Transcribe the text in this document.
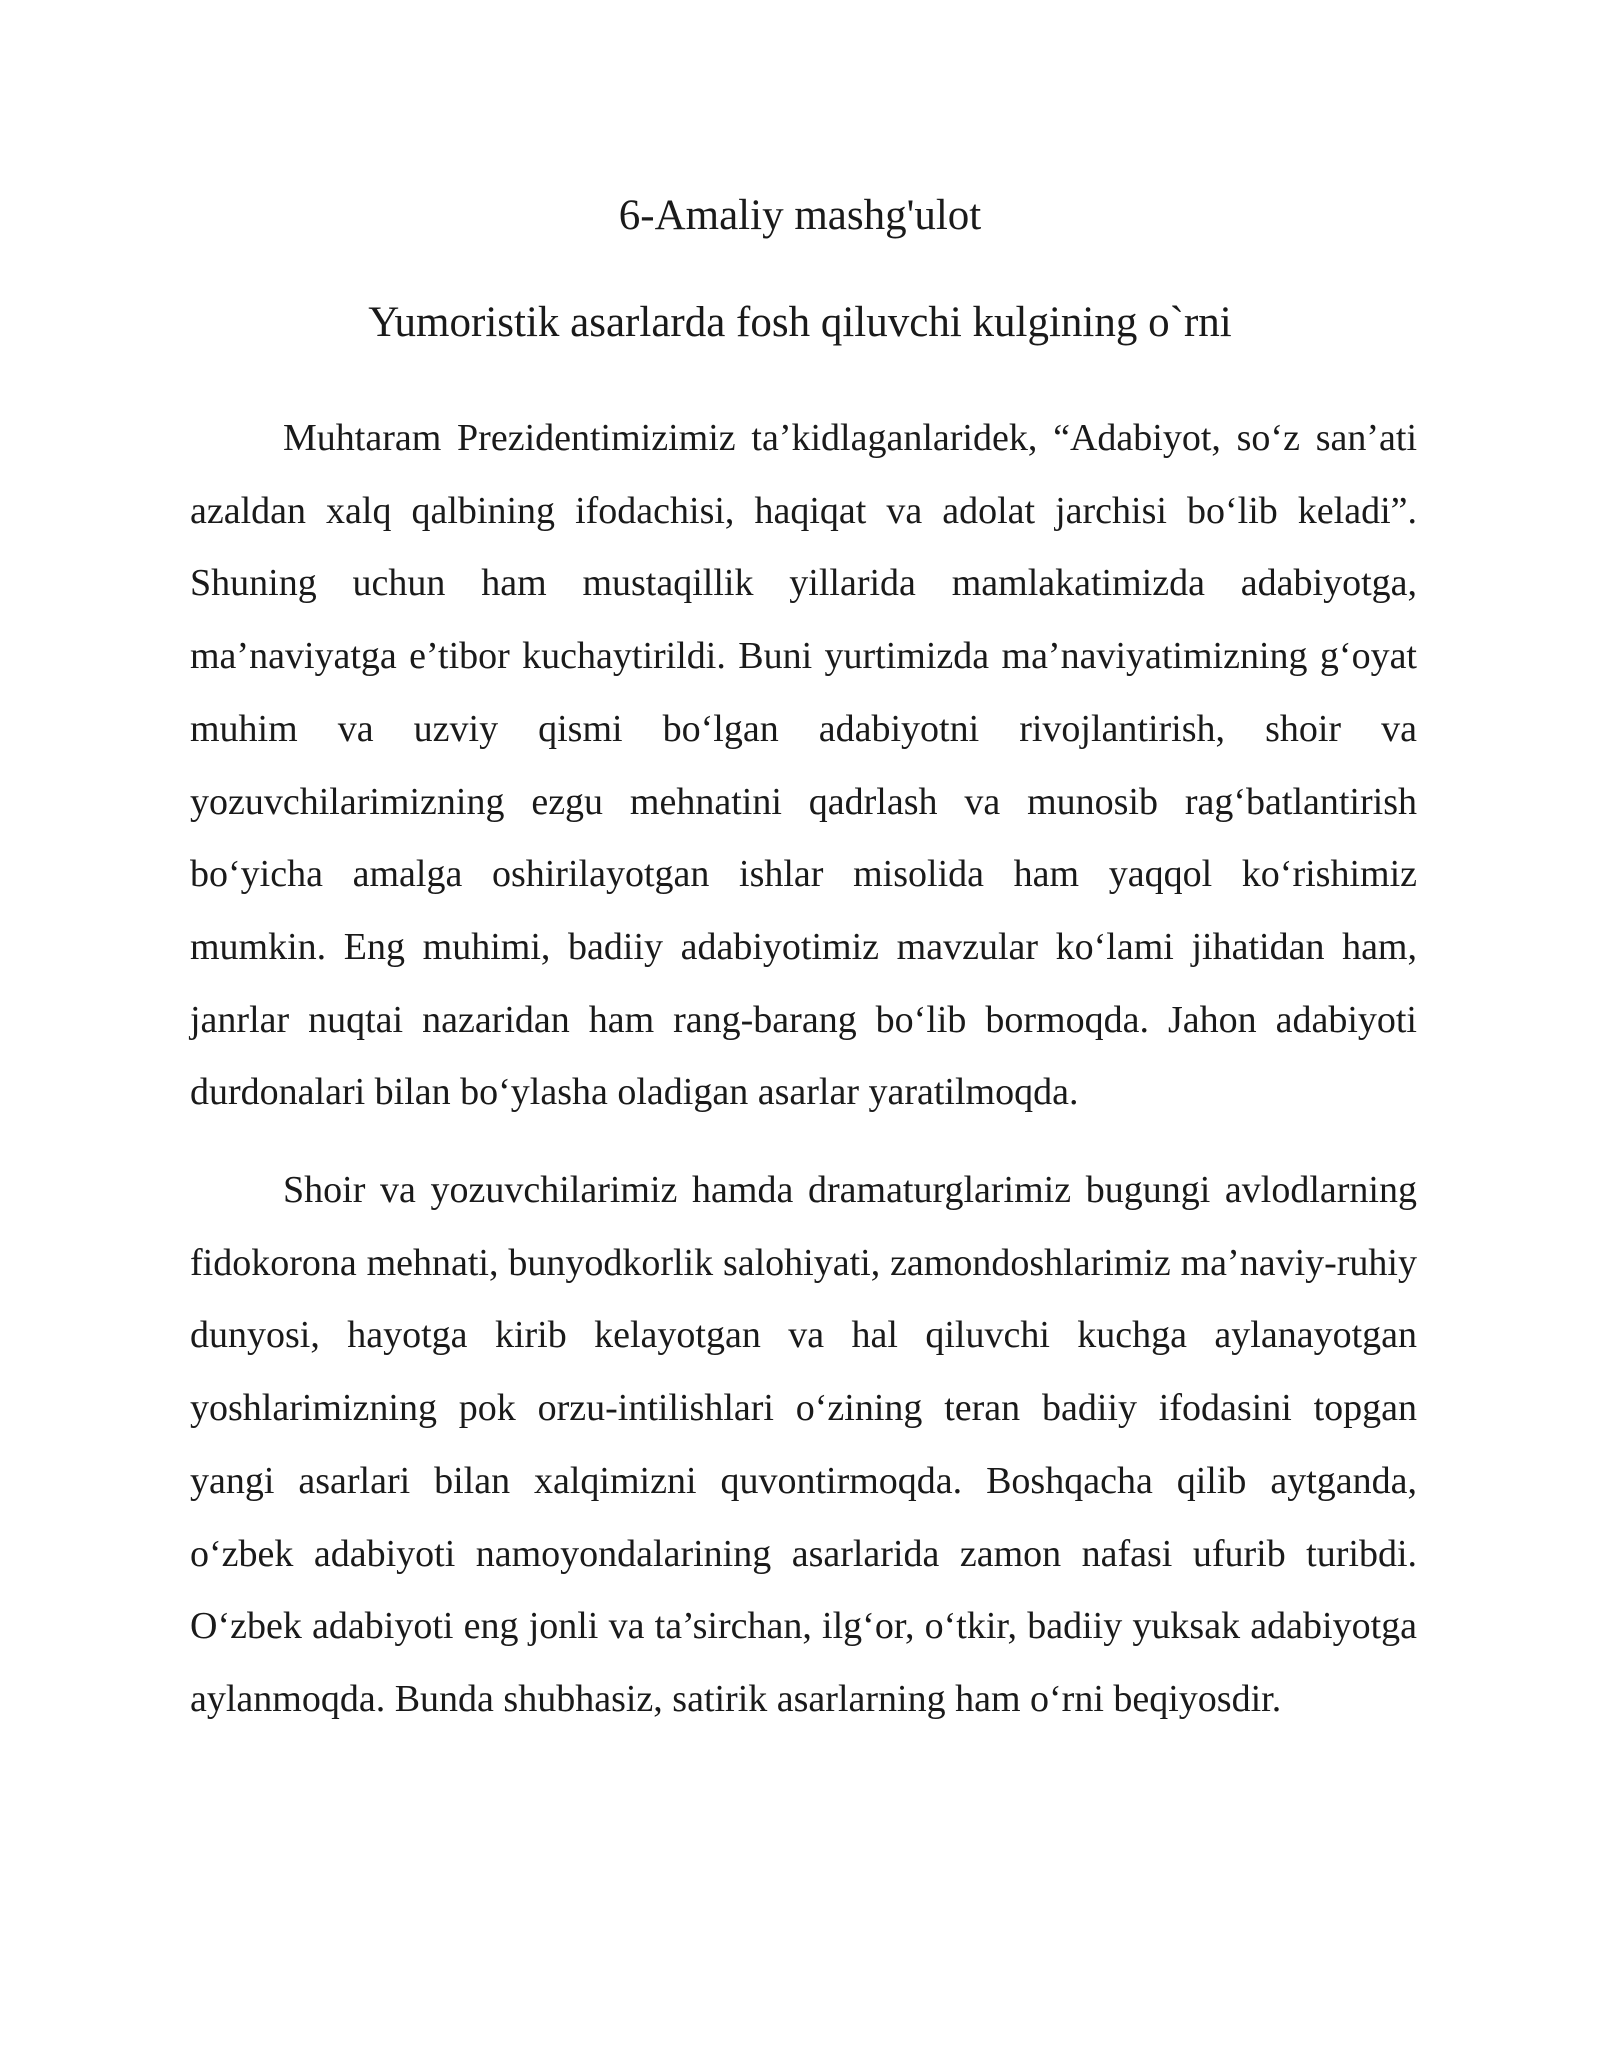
6-Amaliy mashg'ulot
Yumoristik asarlarda fosh qiluvchi kulgining o`rni

Muhtaram Prezidentimizimiz ta’kidlaganlaridek, “Adabiyot, so‘z san’ati azaldan xalq qalbining ifodachisi, haqiqat va adolat jarchisi bo‘lib keladi”. Shuning uchun ham mustaqillik yillarida mamlakatimizda adabiyotga, ma’naviyatga e’tibor kuchaytirildi. Buni yurtimizda ma’naviyatimizning g‘oyat muhim va uzviy qismi bo‘lgan adabiyotni rivojlantirish, shoir va yozuvchilarimizning ezgu mehnatini qadrlash va munosib rag‘batlantirish bo‘yicha amalga oshirilayotgan ishlar misolida ham yaqqol ko‘rishimiz mumkin. Eng muhimi, badiiy adabiyotimiz mavzular ko‘lami jihatidan ham, janrlar nuqtai nazaridan ham rang-barang bo‘lib bormoqda. Jahon adabiyoti durdonalari bilan bo‘ylasha oladigan asarlar yaratilmoqda.

Shoir va yozuvchilarimiz hamda dramaturglarimiz bugungi avlodlarning fidokorona mehnati, bunyodkorlik salohiyati, zamondoshlarimiz ma’naviy-ruhiy dunyosi, hayotga kirib kelayotgan va hal qiluvchi kuchga aylanayotgan yoshlarimizning pok orzu-intilishlari o‘zining teran badiiy ifodasini topgan yangi asarlari bilan xalqimizni quvontirmoqda. Boshqacha qilib aytganda, o‘zbek adabiyoti namoyondalarining asarlarida zamon nafasi ufurib turibdi. O‘zbek adabiyoti eng jonli va ta’sirchan, ilg‘or, o‘tkir, badiiy yuksak adabiyotga aylanmoqda. Bunda shubhasiz, satirik asarlarning ham o‘rni beqiyosdir.
